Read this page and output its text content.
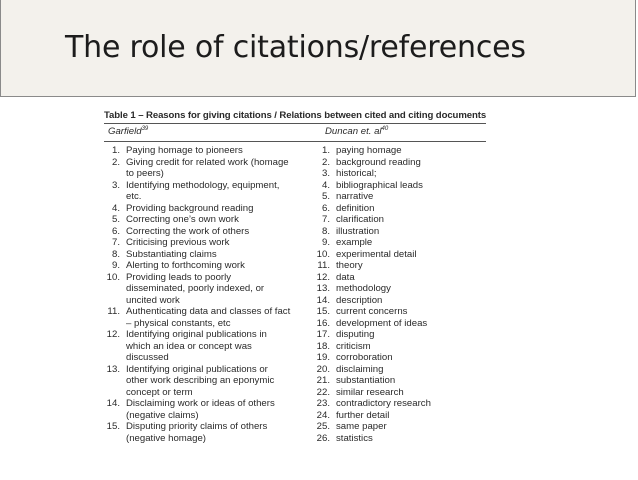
The role of citations/references
Table 1 – Reasons for giving citations / Relations between cited and citing documents
Garfield$^{39}$	Duncan et. $al^{40}$
1. Paying homage to pioneers
2. Giving credit for related work (homage
to peers)
3. Identifying methodology, equipment,
etc.
4. Providing background reading
5. Correcting one’s own work
6. Correcting the work of others
7. Criticising previous work
8. Substantiating claims
9. Alerting to forthcoming work
10. Providing leads to poorly
disseminated, poorly indexed, or
uncited work
11. Authenticating data and classes of fact
– physical constants, etc
12. Identifying original publications in
which an idea or concept was
discussed
13. Identifying original publications or
other work describing an eponymic
concept or term
14. Disclaiming work or ideas of others
(negative claims)
15. Disputing priority claims of others
(negative homage)
1. paying homage
2. background reading
3. historical;
4. bibliographical leads
5. narrative
6. definition
7. clarification
8. illustration
9. example
10. experimental detail
11. theory
12. data
13. methodology
14. description
15. current concerns
16. development of ideas
17. disputing
18. criticism
19. corroboration
20. disclaiming
21. substantiation
22. similar research
23. contradictory research
24. further detail
25. same paper
26. statistics
